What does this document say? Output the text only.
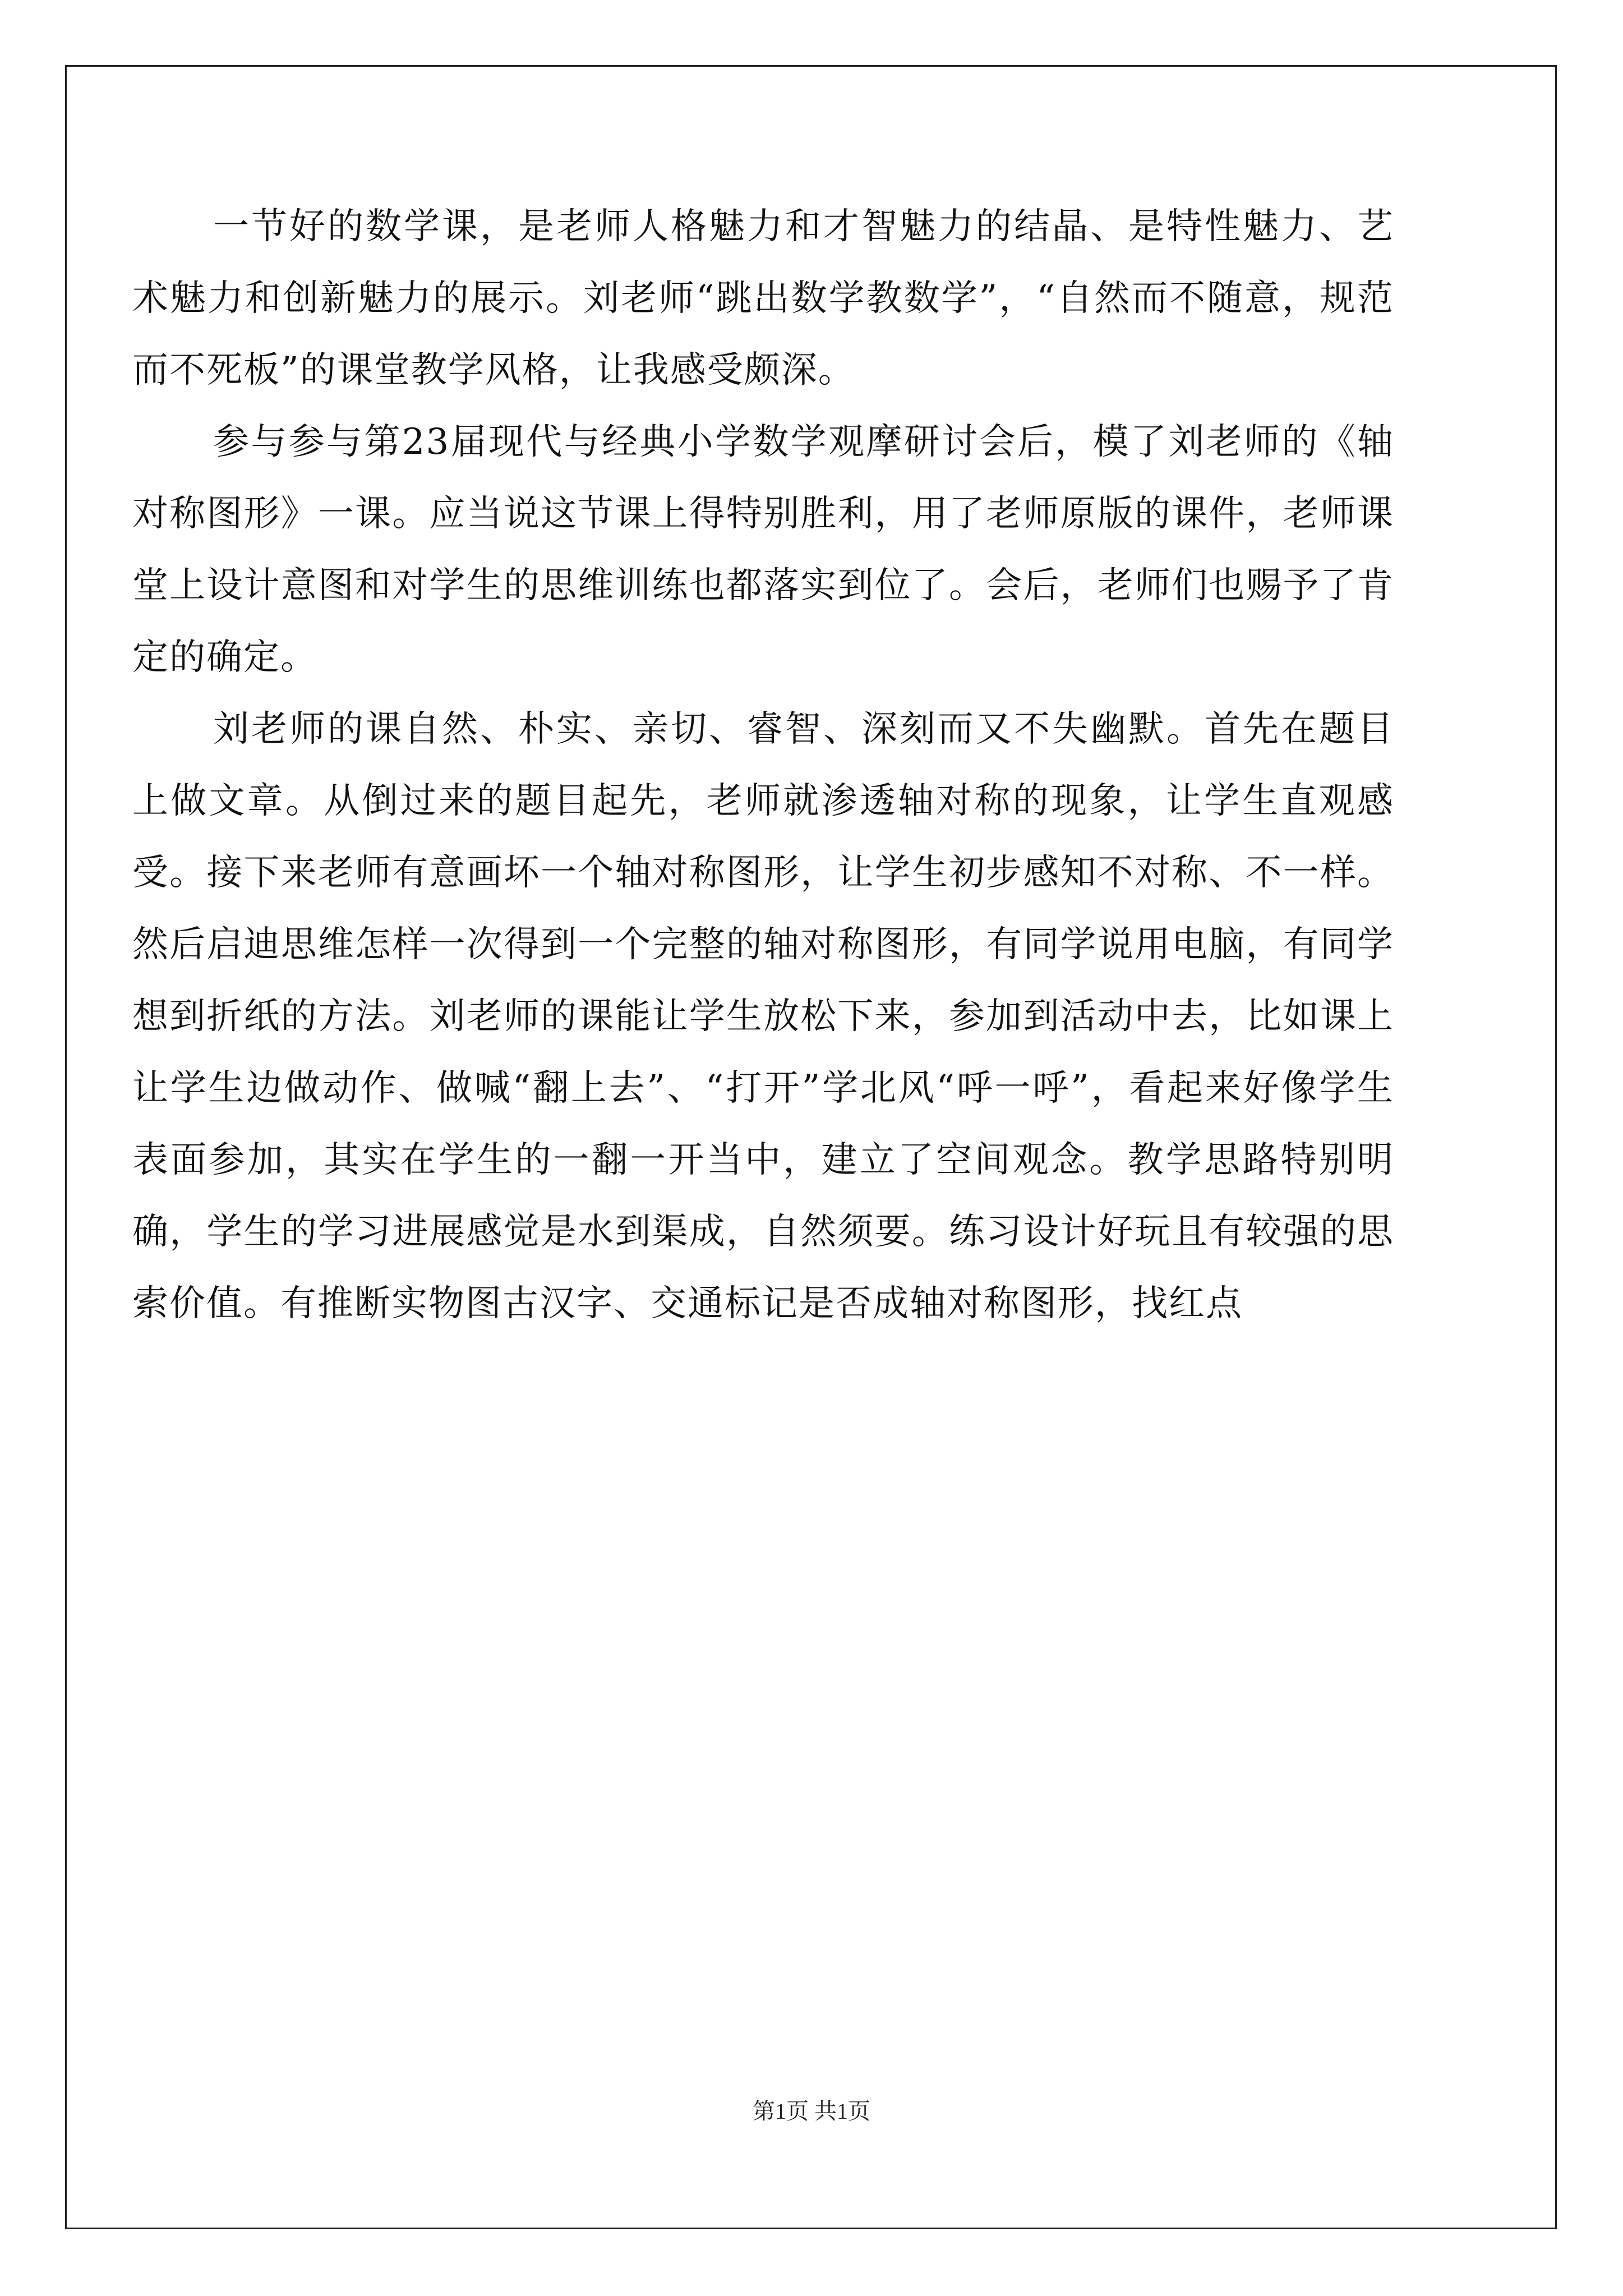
一节好的数学课，是老师人格魅力和才智魅力的结晶、是特性魅力、艺术魅力和创新魅力的展示。刘老师“跳出数学教数学”，“自然而不随意，规范而不死板”的课堂教学风格，让我感受颇深。

参与参与第23届现代与经典小学数学观摩研讨会后，模了刘老师的《轴对称图形》一课。应当说这节课上得特别胜利，用了老师原版的课件，老师课堂上设计意图和对学生的思维训练也都落实到位了。会后，老师们也赐予了肯定的确定。

刘老师的课自然、朴实、亲切、睿智、深刻而又不失幽默。首先在题目上做文章。从倒过来的题目起先，老师就渗透轴对称的现象，让学生直观感受。接下来老师有意画坏一个轴对称图形，让学生初步感知不对称、不一样。然后启迪思维怎样一次得到一个完整的轴对称图形，有同学说用电脑，有同学想到折纸的方法。刘老师的课能让学生放松下来，参加到活动中去，比如课上让学生边做动作、做喊“翻上去”、“打开”学北风“呼一呼”，看起来好像学生表面参加，其实在学生的一翻一开当中，建立了空间观念。教学思路特别明确，学生的学习进展感觉是水到渠成，自然须要。练习设计好玩且有较强的思索价值。有推断实物图古汉字、交通标记是否成轴对称图形，找红点

第1页 共1页
